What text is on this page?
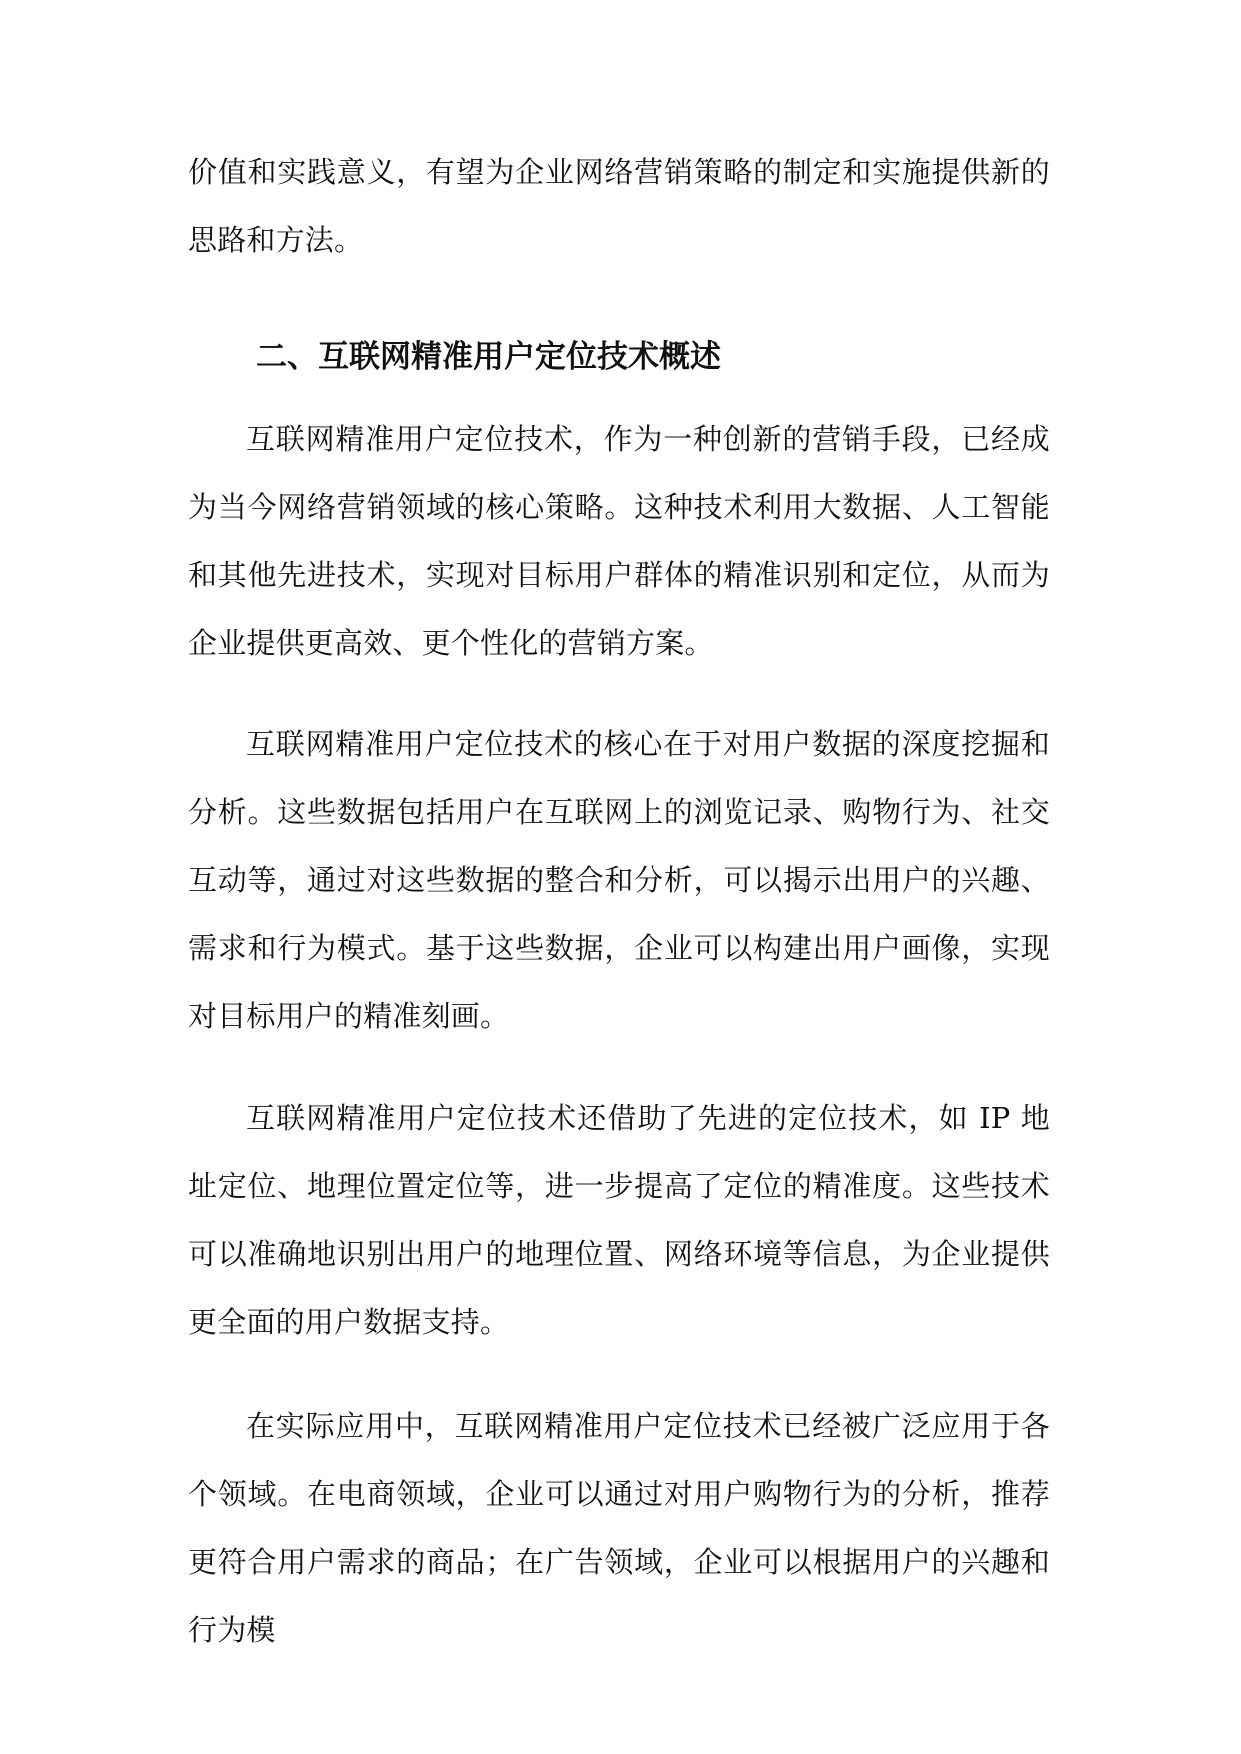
价值和实践意义，有望为企业网络营销策略的制定和实施提供新的思路和方法。
二、互联网精准用户定位技术概述

互联网精准用户定位技术，作为一种创新的营销手段，已经成为当今网络营销领域的核心策略。这种技术利用大数据、人工智能和其他先进技术，实现对目标用户群体的精准识别和定位，从而为企业提供更高效、更个性化的营销方案。

互联网精准用户定位技术的核心在于对用户数据的深度挖掘和分析。这些数据包括用户在互联网上的浏览记录、购物行为、社交互动等，通过对这些数据的整合和分析，可以揭示出用户的兴趣、需求和行为模式。基于这些数据，企业可以构建出用户画像，实现对目标用户的精准刻画。

互联网精准用户定位技术还借助了先进的定位技术，如 IP 地址定位、地理位置定位等，进一步提高了定位的精准度。这些技术可以准确地识别出用户的地理位置、网络环境等信息，为企业提供更全面的用户数据支持。

在实际应用中，互联网精准用户定位技术已经被广泛应用于各个领域。在电商领域，企业可以通过对用户购物行为的分析，推荐更符合用户需求的商品；在广告领域，企业可以根据用户的兴趣和行为模
